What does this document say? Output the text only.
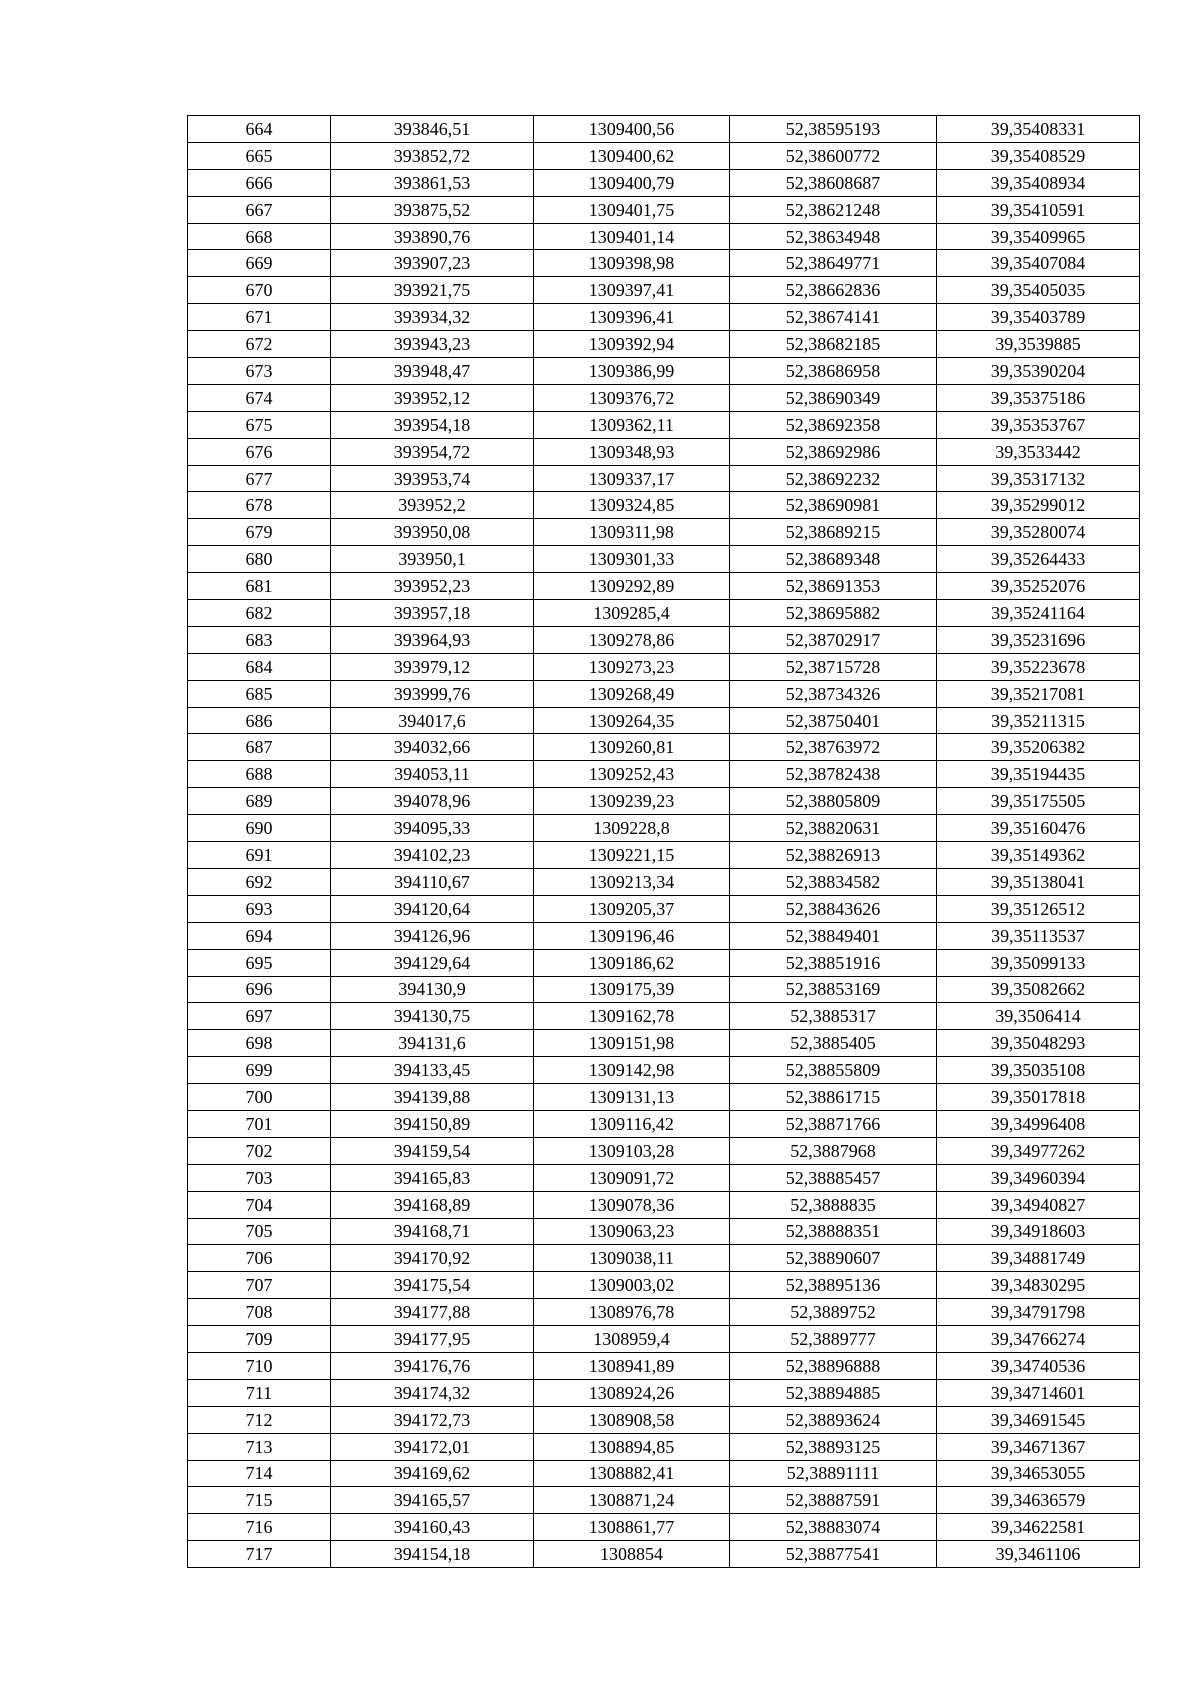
664	393846,51	1309400,56	52,38595193	39,35408331
665	393852,72	1309400,62	52,38600772	39,35408529
666	393861,53	1309400,79	52,38608687	39,35408934
667	393875,52	1309401,75	52,38621248	39,35410591
668	393890,76	1309401,14	52,38634948	39,35409965
669	393907,23	1309398,98	52,38649771	39,35407084
670	393921,75	1309397,41	52,38662836	39,35405035
671	393934,32	1309396,41	52,38674141	39,35403789
672	393943,23	1309392,94	52,38682185	39,3539885
673	393948,47	1309386,99	52,38686958	39,35390204
674	393952,12	1309376,72	52,38690349	39,35375186
675	393954,18	1309362,11	52,38692358	39,35353767
676	393954,72	1309348,93	52,38692986	39,3533442
677	393953,74	1309337,17	52,38692232	39,35317132
678	393952,2	1309324,85	52,38690981	39,35299012
679	393950,08	1309311,98	52,38689215	39,35280074
680	393950,1	1309301,33	52,38689348	39,35264433
681	393952,23	1309292,89	52,38691353	39,35252076
682	393957,18	1309285,4	52,38695882	39,35241164
683	393964,93	1309278,86	52,38702917	39,35231696
684	393979,12	1309273,23	52,38715728	39,35223678
685	393999,76	1309268,49	52,38734326	39,35217081
686	394017,6	1309264,35	52,38750401	39,35211315
687	394032,66	1309260,81	52,38763972	39,35206382
688	394053,11	1309252,43	52,38782438	39,35194435
689	394078,96	1309239,23	52,38805809	39,35175505
690	394095,33	1309228,8	52,38820631	39,35160476
691	394102,23	1309221,15	52,38826913	39,35149362
692	394110,67	1309213,34	52,38834582	39,35138041
693	394120,64	1309205,37	52,38843626	39,35126512
694	394126,96	1309196,46	52,38849401	39,35113537
695	394129,64	1309186,62	52,38851916	39,35099133
696	394130,9	1309175,39	52,38853169	39,35082662
697	394130,75	1309162,78	52,3885317	39,3506414
698	394131,6	1309151,98	52,3885405	39,35048293
699	394133,45	1309142,98	52,38855809	39,35035108
700	394139,88	1309131,13	52,38861715	39,35017818
701	394150,89	1309116,42	52,38871766	39,34996408
702	394159,54	1309103,28	52,3887968	39,34977262
703	394165,83	1309091,72	52,38885457	39,34960394
704	394168,89	1309078,36	52,3888835	39,34940827
705	394168,71	1309063,23	52,38888351	39,34918603
706	394170,92	1309038,11	52,38890607	39,34881749
707	394175,54	1309003,02	52,38895136	39,34830295
708	394177,88	1308976,78	52,3889752	39,34791798
709	394177,95	1308959,4	52,3889777	39,34766274
710	394176,76	1308941,89	52,38896888	39,34740536
711	394174,32	1308924,26	52,38894885	39,34714601
712	394172,73	1308908,58	52,38893624	39,34691545
713	394172,01	1308894,85	52,38893125	39,34671367
714	394169,62	1308882,41	52,38891111	39,34653055
715	394165,57	1308871,24	52,38887591	39,34636579
716	394160,43	1308861,77	52,38883074	39,34622581
717	394154,18	1308854	52,38877541	39,3461106
